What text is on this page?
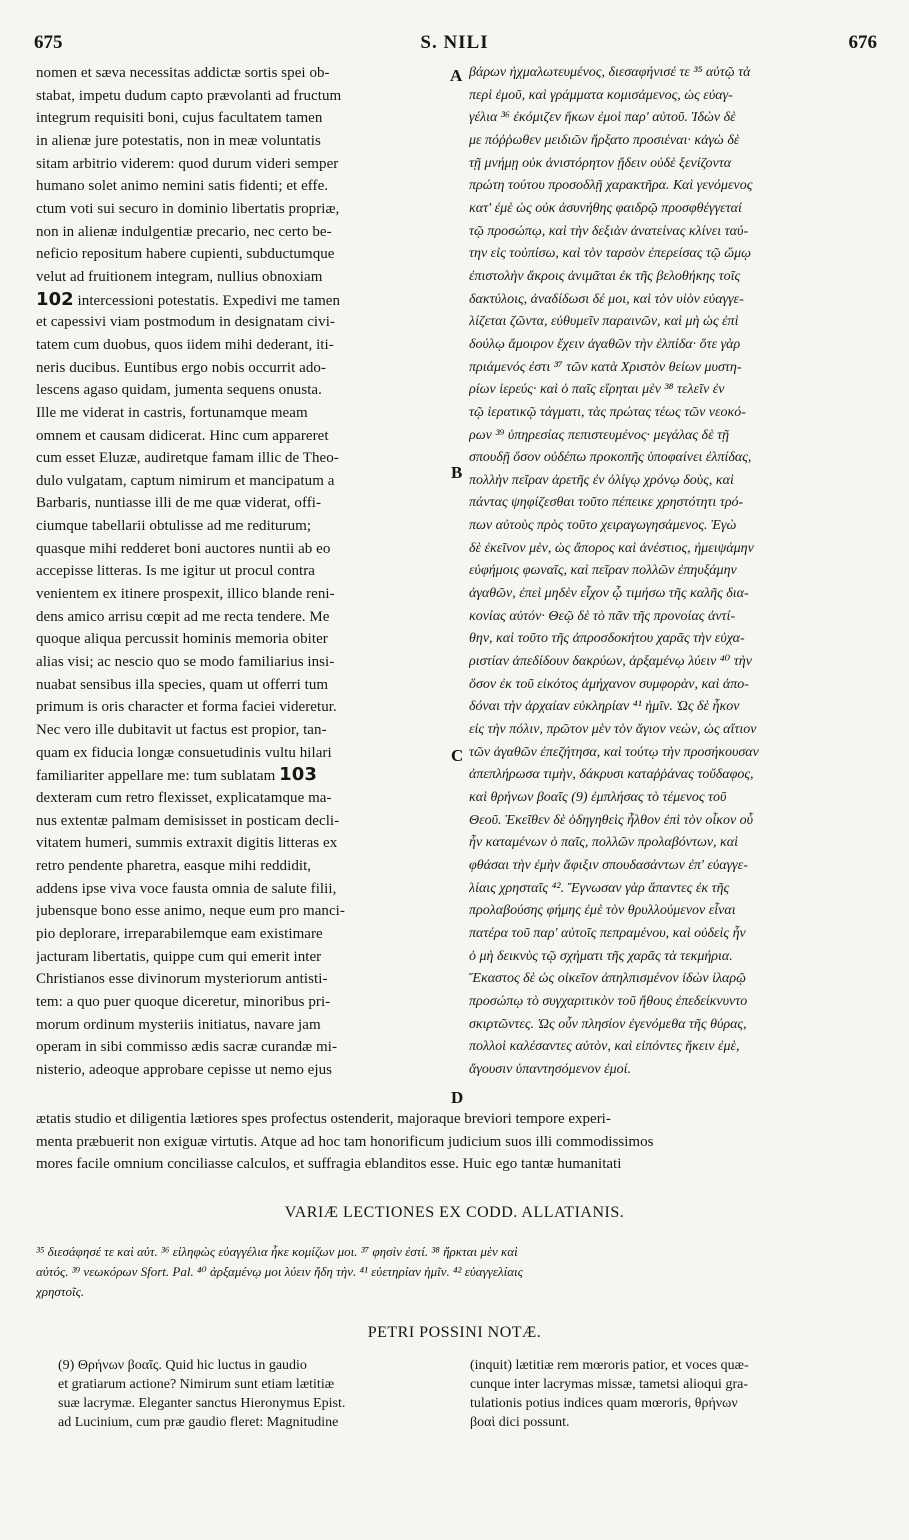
675	S. NILI	676
nomen et sæva necessitas addictæ sortis spei ob-
stabat, impetu dudum capto prævolanti ad fructum
integrum requisiti boni, cujus facultatem tamen
in alienæ jure potestatis, non in meæ voluntatis
sitam arbitrio viderem: quod durum videri semper
humano solet animo nemini satis fidenti; et effe.
ctum voti sui securo in dominio libertatis propriæ,
non in alienæ indulgentiæ precario, nec certo be-
neficio repositum habere cupienti, subductumque
velut ad fruitionem integram, nullius obnoxiam
102 intercessioni potestatis. Expedivi me tamen
et capessivi viam postmodum in designatam civi-
tatem cum duobus, quos iidem mihi dederant, iti-
neris ducibus. Euntibus ergo nobis occurrit ado-
lescens agaso quidam, jumenta sequens onusta.
Ille me viderat in castris, fortunamque meam
omnem et causam didicerat. Hinc cum appareret
cum esset Eluzæ, audiretque famam illic de Theo-
dulo vulgatam, captum nimirum et mancipatum a
Barbaris, nuntiasse illi de me quæ viderat, offi-
ciumque tabellarii obtulisse ad me rediturum;
quasque mihi redderet boni auctores nuntii ab eo
accepisse litteras. Is me igitur ut procul contra
venientem ex itinere prospexit, illico blande reni-
dens amico arrisu cœpit ad me recta tendere. Me
quoque aliqua percussit hominis memoria obiter
alias visi; ac nescio quo se modo familiarius insi-
nuabat sensibus illa species, quam ut offerri tum
primum is oris character et forma faciei videretur.
Nec vero ille dubitavit ut factus est propior, tan-
quam ex fiducia longæ consuetudinis vultu hilari
familiariter appellare me: tum sublatam 103
dexteram cum retro flexisset, explicatamque ma-
nus extentæ palmam demisisset in posticam decli-
vitatem humeri, summis extraxit digitis litteras ex
retro pendente pharetra, easque mihi reddidit,
addens ipse viva voce fausta omnia de salute filii,
jubensque bono esse animo, neque eum pro manci-
pio deplorare, irreparabilemque eam existimare
jacturam libertatis, quippe cum qui emerit inter
Christianos esse divinorum mysteriorum antisti-
tem: a quo puer quoque diceretur, minoribus pri-
morum ordinum mysteriis initiatus, navare jam
operam in sibi commisso ædis sacræ curandæ mi-
nisterio, adeoque approbare cepisse ut nemo ejus
βάρων ἠχμαλωτευμένος, διεσαφήνισέ τε ³⁵ αὐτῷ τὰ
περὶ ἐμοῦ, καὶ γράμματα κομισάμενος, ὡς εὐαγ-
γέλια ³⁶ ἐκόμιζεν ἥκων ἐμοὶ παρ' αὐτοῦ. Ἰδὼν δὲ
με πόῤῥωθεν μειδιῶν ἤρξατο προσιέναι· κἀγὼ δὲ
τῇ μνήμῃ οὐκ ἀνιστόρητον ᾔδειν οὐδὲ ξενίζοντα
πρώτη τούτου προσοδλῇ χαρακτῆρα. Καὶ γενόμενος
κατ' ἐμὲ ὡς οὐκ ἀσυνήθης φαιδρῷ προσφθέγγεταί
τῷ προσώπῳ, καὶ τὴν δεξιὰν ἀνατείνας κλίνει ταύ-
την εἰς τοὐπίσω, καὶ τὸν ταρσὸν ἐπερείσας τῷ ὤμῳ
ἐπιστολὴν ἄκροις ἀνιμᾶται ἐκ τῆς βελοθήκης τοῖς
δακτύλοις, ἀναδίδωσι δέ μοι, καὶ τὸν υἱὸν εὐαγγε-
λίζεται ζῶντα, εὐθυμεῖν παραινῶν, καὶ μὴ ὡς ἐπὶ
δούλῳ ἄμοιρον ἔχειν ἀγαθῶν τὴν ἐλπίδα· ὅτε γὰρ
πριάμενός ἐστι ³⁷ τῶν κατὰ Χριστὸν θείων μυστη-
ρίων ἱερεύς· καὶ ὁ παῖς εἴρηται μὲν ³⁸ τελεῖν ἐν
τῷ ἱερατικῷ τάγματι, τὰς πρώτας τέως τῶν νεοκό-
ρων ³⁹ ὑπηρεσίας πεπιστευμένος· μεγάλας δὲ τῇ
σπουδῇ ὅσον οὐδέπω προκοπῆς ὑποφαίνει ἐλπίδας,
πολλὴν πεῖραν ἀρετῆς ἐν ὀλίγῳ χρόνῳ δοὺς, καὶ
πάντας ψηφίζεσθαι τοῦτο πέπεικε χρηστότητι τρό-
πων αὐτοὺς πρὸς τοῦτο χειραγωγησάμενος. Ἐγὼ
δὲ ἐκεῖνον μὲν, ὡς ἄπορος καὶ ἀνέστιος, ἠμειψάμην
εὐφήμοις φωναῖς, καὶ πεῖραν πολλῶν ἐπηυξάμην
ἀγαθῶν, ἐπεὶ μηδὲν εἶχον ᾧ τιμήσω τῆς καλῆς δια-
κονίας αὐτόν· Θεῷ δὲ τὸ πᾶν τῆς προνοίας ἀντί-
θην, καὶ τοῦτο τῆς ἀπροσδοκήτου χαρᾶς τὴν εὐχα-
ριστίαν ἀπεδίδουν δακρύων, ἀρξαμένῳ λύειν ⁴⁰ τὴν
ὅσον ἐκ τοῦ εἰκότος ἀμήχανον συμφορὰν, καὶ ἀπο-
δόναι τὴν ἀρχαίαν εὐκληρίαν ⁴¹ ἡμῖν. Ὡς δὲ ἧκον
εἰς τὴν πόλιν, πρῶτον μὲν τὸν ἅγιον νεὼν, ὡς αἴτιον
τῶν ἀγαθῶν ἐπεζήτησα, καὶ τούτῳ τὴν προσήκουσαν
ἀπεπλήρωσα τιμὴν, δάκρυσι καταῤῥάνας τοὔδαφος,
καὶ θρήνων βοαῖς (9) ἐμπλήσας τὸ τέμενος τοῦ
Θεοῦ. Ἐκεῖθεν δὲ ὁδηγηθεὶς ἦλθον ἐπὶ τὸν οἶκον οὗ
ἦν καταμένων ὁ παῖς, πολλῶν προλαβόντων, καὶ
φθάσαι τὴν ἐμὴν ἄφιξιν σπουδασάντων ἐπ' εὐαγγε-
λίαις χρησταῖς ⁴². Ἔγνωσαν γὰρ ἅπαντες ἐκ τῆς
προλαβούσης φήμης ἐμὲ τὸν θρυλλούμενον εἶναι
πατέρα τοῦ παρ' αὐτοῖς πεπραμένου, καὶ οὐδεὶς ἦν
ὁ μὴ δεικνὺς τῷ σχήματι τῆς χαρᾶς τὰ τεκμήρια.
Ἕκαστος δὲ ὡς οἰκεῖον ἀπηλπισμένον ἰδὼν ἱλαρῷ
προσώπῳ τὸ συγχαριτικὸν τοῦ ἤθους ἐπεδείκνυντο
σκιρτῶντες. Ὡς οὖν πλησίον ἐγενόμεθα τῆς θύρας,
πολλοὶ καλέσαντες αὐτὸν, καὶ εἰπόντες ἥκειν ἐμὲ,
ἄγουσιν ὑπαντησόμενον ἐμοί.
A
B
C
D
ætatis studio et diligentia lætiores spes profectus ostenderit, majoraque breviori tempore experi-
menta præbuerit non exiguæ virtutis. Atque ad hoc tam honorificum judicium suos illi commodissimos
mores facile omnium conciliasse calculos, et suffragia eblanditos esse. Huic ego tantæ humanitati
VARIÆ LECTIONES EX CODD. ALLATIANIS.
³⁵ διεσάφησέ τε καὶ αὐτ. ³⁶ εἰληφὼς εὐαγγέλια ἧκε κομίζων μοι. ³⁷ φησὶν ἐστί. ³⁸ ἤρκται μὲν καὶ
αὐτός. ³⁹ νεωκόρων Sfort. Pal. ⁴⁰ ἀρξαμένῳ μοι λύειν ἤδη τὴν. ⁴¹ εὐετηρίαν ἡμῖν. ⁴² εὐαγγελίαις
χρηστοῖς.
PETRI POSSINI NOTÆ.
(9) Θρήνων βοαῖς. Quid hic luctus in gaudio
et gratiarum actione? Nimirum sunt etiam lætitiæ
suæ lacrymæ. Eleganter sanctus Hieronymus Epist.
ad Lucinium, cum præ gaudio fleret: Magnitudine
(inquit) lætitiæ rem mœroris patior, et voces quæ-
cunque inter lacrymas missæ, tametsi alioqui gra-
tulationis potius indices quam mœroris, θρήνων
βοαὶ dici possunt.
